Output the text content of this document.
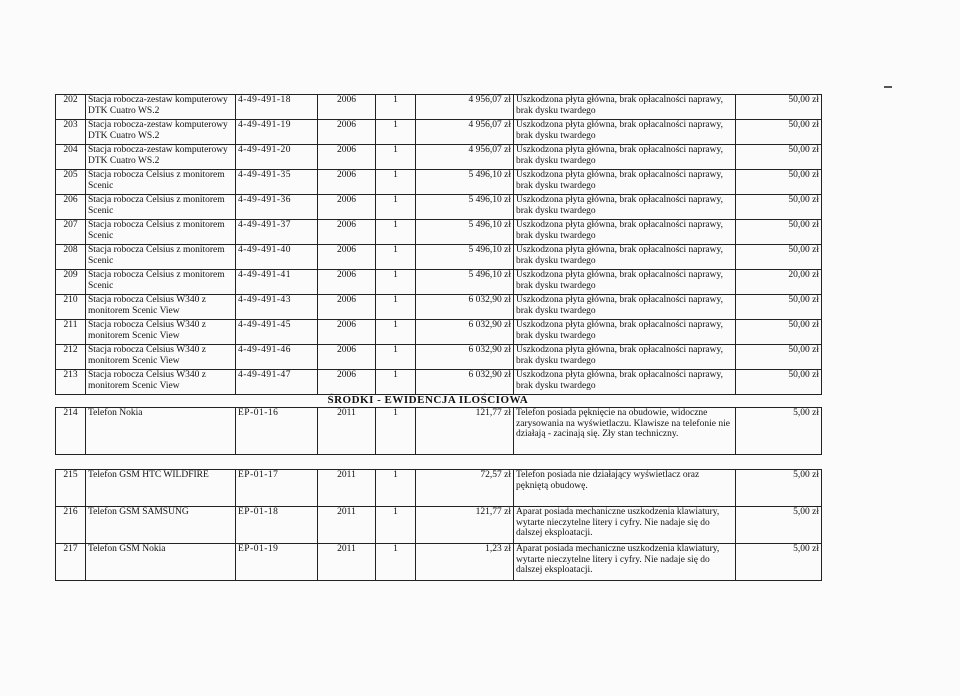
202	Stacja robocza-zestaw komputerowy DTK Cuatro WS.2	4-49-491-18	2006	1	4 956,07 zł	Uszkodzona płyta główna, brak opłacalności naprawy, brak dysku twardego	50,00 zł
203	Stacja robocza-zestaw komputerowy DTK Cuatro WS.2	4-49-491-19	2006	1	4 956,07 zł	Uszkodzona płyta główna, brak opłacalności naprawy, brak dysku twardego	50,00 zł
204	Stacja robocza-zestaw komputerowy DTK Cuatro WS.2	4-49-491-20	2006	1	4 956,07 zł	Uszkodzona płyta główna, brak opłacalności naprawy, brak dysku twardego	50,00 zł
205	Stacja robocza Celsius z monitorem Scenic	4-49-491-35	2006	1	5 496,10 zł	Uszkodzona płyta główna, brak opłacalności naprawy, brak dysku twardego	50,00 zł
206	Stacja robocza Celsius z monitorem Scenic	4-49-491-36	2006	1	5 496,10 zł	Uszkodzona płyta główna, brak opłacalności naprawy, brak dysku twardego	50,00 zł
207	Stacja robocza Celsius z monitorem Scenic	4-49-491-37	2006	1	5 496,10 zł	Uszkodzona płyta główna, brak opłacalności naprawy, brak dysku twardego	50,00 zł
208	Stacja robocza Celsius z monitorem Scenic	4-49-491-40	2006	1	5 496,10 zł	Uszkodzona płyta główna, brak opłacalności naprawy, brak dysku twardego	50,00 zł
209	Stacja robocza Celsius z monitorem Scenic	4-49-491-41	2006	1	5 496,10 zł	Uszkodzona płyta główna, brak opłacalności naprawy, brak dysku twardego	20,00 zł
210	Stacja robocza Celsius W340 z monitorem Scenic View	4-49-491-43	2006	1	6 032,90 zł	Uszkodzona płyta główna, brak opłacalności naprawy, brak dysku twardego	50,00 zł
211	Stacja robocza Celsius W340 z monitorem Scenic View	4-49-491-45	2006	1	6 032,90 zł	Uszkodzona płyta główna, brak opłacalności naprawy, brak dysku twardego	50,00 zł
212	Stacja robocza Celsius W340 z monitorem Scenic View	4-49-491-46	2006	1	6 032,90 zł	Uszkodzona płyta główna, brak opłacalności naprawy, brak dysku twardego	50,00 zł
213	Stacja robocza Celsius W340 z monitorem Scenic View	4-49-491-47	2006	1	6 032,90 zł	Uszkodzona płyta główna, brak opłacalności naprawy, brak dysku twardego	50,00 zł
			ŚRODKI - EWIDENCJA ILOŚCIOWA				
214	Telefon Nokia	EP-01-16	2011	1	121,77 zł	Telefon posiada pęknięcie na obudowie, widoczne zarysowania na wyświetlaczu. Klawisze na telefonie nie działają - zacinają się. Zły stan techniczny.	5,00 zł

215	Telefon GSM HTC WILDFIRE	EP-01-17	2011	1	72,57 zł	Telefon posiada nie działający wyświetlacz oraz pękniętą obudowę.	5,00 zł
216	Telefon GSM SAMSUNG	EP-01-18	2011	1	121,77 zł	Aparat posiada mechaniczne uszkodzenia klawiatury, wytarte nieczytelne litery i cyfry. Nie nadaje się do dalszej eksploatacji.	5,00 zł
217	Telefon GSM Nokia	EP-01-19	2011	1	1,23 zł	Aparat posiada mechaniczne uszkodzenia klawiatury, wytarte nieczytelne litery i cyfry. Nie nadaje się do dalszej eksploatacji.	5,00 zł
